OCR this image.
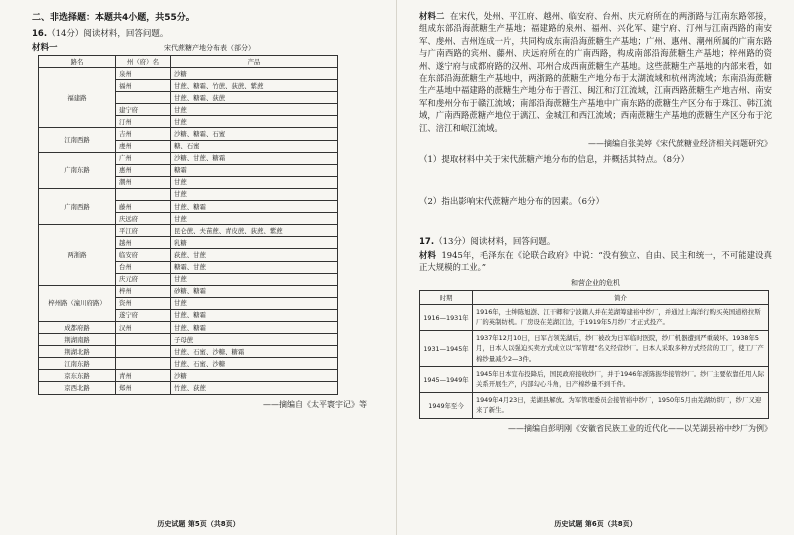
二、非选择题：本题共4小题，共55分。

16.（14分）阅读材料，回答问题。

材料一	宋代蔗糖产地分布表（部分）
路名	州（府）名	产品
福建路	泉州	沙糖
	福州	甘蔗、糖霜、竹蔗、荻蔗、紫蔗
		甘蔗、糖霜、荻蔗
	建宁府	甘蔗
	汀州	甘蔗
江南西路	吉州	沙糖、糖霜、石蜜
	虔州	糖、石蜜
广南东路	广州	沙糖、甘蔗、糖霜
	惠州	糖霜
	潮州	甘蔗
广南西路		甘蔗
	藤州	甘蔗、糖霜
	庆远府	甘蔗
两浙路	平江府	昆仑蔗、夫苗蔗、青皮蔗、荻蔗、紫蔗
	越州	乳糖
	临安府	荻蔗、甘蔗
	台州	糖霜、甘蔗
	庆元府	甘蔗
梓州路（潼川府路）	梓州	砂糖、糖霜
	资州	甘蔗
	遂宁府	甘蔗、糖霜
成都府路	汉州	甘蔗、糖霜
荆湖南路		子母蔗
荆湖北路		甘蔗、石蜜、沙糖、糖霜
江南东路		甘蔗、石蜜、沙糖
京东东路	青州	沙糖
京西北路	郑州	竹蔗、荻蔗

——摘编自《太平寰宇记》等

历史试题 第5页（共8页）

材料二 在宋代，处州、平江府、越州、临安府、台州、庆元府所在的两浙路与江南东路邻接，组成东部沿海蔗糖生产基地；福建路的泉州、福州、兴化军、建宁府、汀州与江南西路的南安军、虔州、吉州连成一片，共同构成东南沿海蔗糖生产基地；广州、惠州、潮州所属的广南东路与广南西路的宾州、藤州、庆远府所在的广南西路，构成南部沿海蔗糖生产基地；梓州路的资州、遂宁府与成都府路的汉州、邛州合成西南蔗糖生产基地。这些蔗糖生产基地的内部来看，如在东部沿海蔗糖生产基地中，两浙路的蔗糖生产地分布于太湖流域和杭州湾流域；东南沿海蔗糖生产基地中福建路的蔗糖生产地分布于晋江、闽江和汀江流域，江南西路蔗糖生产地吉州、南安军和虔州分布于赣江流域；南部沿海蔗糖生产基地中广南东路的蔗糖生产区分布于珠江、韩江流域，广南西路蔗糖产地位于漓江、金城江和西江流域；西南蔗糖生产基地的蔗糖生产区分布于沱江、涪江和岷江流域。

——摘编自张美婷《宋代蔗糖业经济相关问题研究》

（1）提取材料中关于宋代蔗糖产地分布的信息，并概括其特点。（8分）

（2）指出影响宋代蔗糖产地分布的因素。（6分）

17.（13分）阅读材料，回答问题。

材料 1945年，毛泽东在《论联合政府》中说：“没有独立、自由、民主和统一，不可能建设真正大规模的工业。”

和营企业的危机

时期	简介
1916—1931年	1916年，士绅陈旭澍、江干卿和宁波籍人并在芜湖筹建裕中纱厂，并通过上海洋行购买英国道格拉斯厂的英制纺机。厂房设在芜湖江边，于1919年5月纱厂才正式投产。
1931—1945年	1937年12月10日，日军占领芜湖后，纱厂被改为日军临时医院，纱厂机器遭到严重破坏。1938年5月，日本人以强迫买卖方式成立以“军管理”名义经营纱厂。日本人采取多种方式经营的工厂，使工厂产棉纱量减少2—3件。
1945—1949年	1945年日本宣布投降后，国民政府接收纱厂，并于1946年派陈振华接管纱厂。纱厂主要依靠任用人际关系开展生产，内部勾心斗角，日产棉纱量不到千件。
1949年至今	1949年4月23日，芜湖县解放。为军管理委员会接管裕中纱厂，1950年5月由芜湖纺织厂，纱厂又迎来了新生。

——摘编自彭明刚《安徽省民族工业的近代化——以芜湖县裕中纱厂为例》

历史试题 第6页（共8页）
